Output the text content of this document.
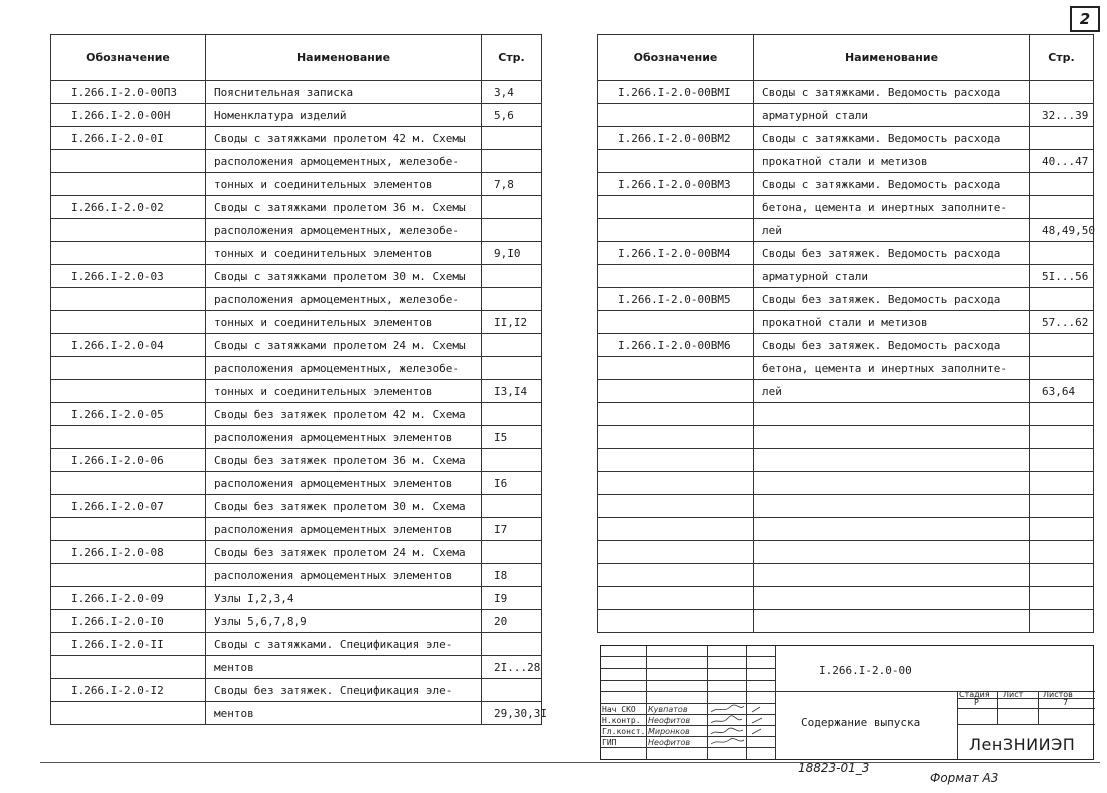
2
Обозначение	Наименование	Стр.
I.266.I-2.0-00ПЗ	Пояснительная записка	3,4
I.266.I-2.0-00Н	Номенклатура изделий	5,6
I.266.I-2.0-0I	Своды с затяжками пролетом 42 м. Схемы	
	расположения армоцементных, железобе-	
	тонных и соединительных элементов	7,8
I.266.I-2.0-02	Своды с затяжками пролетом 36 м. Схемы	
	расположения армоцементных, железобе-	
	тонных и соединительных элементов	9,I0
I.266.I-2.0-03	Своды с затяжками пролетом 30 м. Схемы	
	расположения армоцементных, железобе-	
	тонных и соединительных элементов	II,I2
I.266.I-2.0-04	Своды с затяжками пролетом 24 м. Схемы	
	расположения армоцементных, железобе-	
	тонных и соединительных элементов	I3,I4
I.266.I-2.0-05	Своды без затяжек пролетом 42 м. Схема	
	расположения армоцементных элементов	I5
I.266.I-2.0-06	Своды без затяжек пролетом 36 м. Схема	
	расположения армоцементных элементов	I6
I.266.I-2.0-07	Своды без затяжек пролетом 30 м. Схема	
	расположения армоцементных элементов	I7
I.266.I-2.0-08	Своды без затяжек пролетом 24 м. Схема	
	расположения армоцементных элементов	I8
I.266.I-2.0-09	Узлы I,2,3,4	I9
I.266.I-2.0-I0	Узлы 5,6,7,8,9	20
I.266.I-2.0-II	Своды с затяжками. Спецификация эле-	
	ментов	2I...28
I.266.I-2.0-I2	Своды без затяжек. Спецификация эле-	
	ментов	29,30,3I
Обозначение	Наименование	Стр.
I.266.I-2.0-00ВМI	Своды с затяжками. Ведомость расхода	
	арматурной стали	32...39
I.266.I-2.0-00ВМ2	Своды с затяжками. Ведомость расхода	
	прокатной стали и метизов	40...47
I.266.I-2.0-00ВМ3	Своды с затяжками. Ведомость расхода	
	бетона, цемента и инертных заполните-	
	лей	48,49,50
I.266.I-2.0-00ВМ4	Своды без затяжек. Ведомость расхода	
	арматурной стали	5I...56
I.266.I-2.0-00ВМ5	Своды без затяжек. Ведомость расхода	
	прокатной стали и метизов	57...62
I.266.I-2.0-00ВМ6	Своды без затяжек. Ведомость расхода	
	бетона, цемента и инертных заполните-	
	лей	63,64

I.266.I-2.0-00
Содержание выпуска
Стадия Лист Листов
Р	7
ЛенЗНИИЭП
Нач СКО Кувпатов
Н.контр. Неофитов
Гл.конст. Миронков
ГИП	Неофитов
18823-01_3
Формат А3
